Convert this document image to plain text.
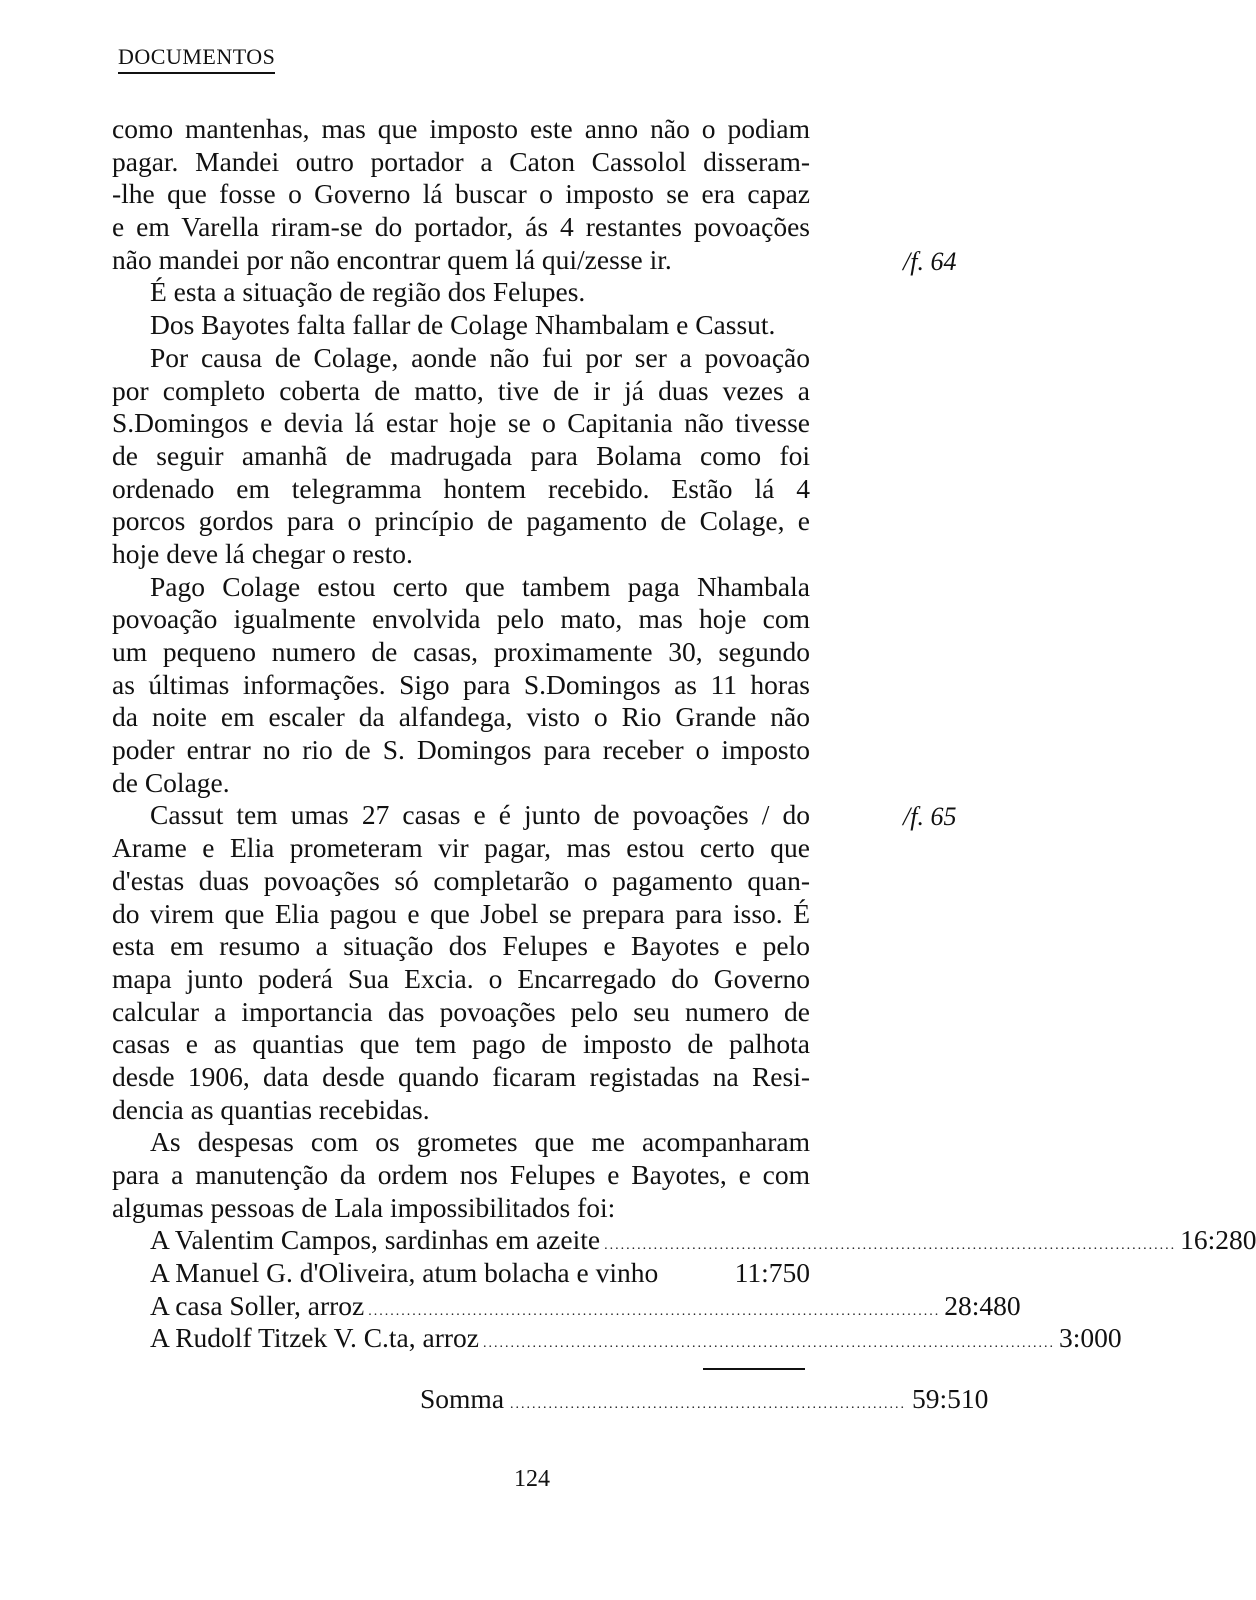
DOCUMENTOS
como mantenhas, mas que imposto este anno não o podiam
pagar. Mandei outro portador a Caton Cassolol disseram-
-lhe que fosse o Governo lá buscar o imposto se era capaz
e em Varella riram-se do portador, ás 4 restantes povoações
não mandei por não encontrar quem lá qui/zesse ir.
É esta a situação de região dos Felupes.
Dos Bayotes falta fallar de Colage Nhambalam e Cassut.
Por causa de Colage, aonde não fui por ser a povoação
por completo coberta de matto, tive de ir já duas vezes a
S.Domingos e devia lá estar hoje se o Capitania não tivesse
de seguir amanhã de madrugada para Bolama como foi
ordenado em telegramma hontem recebido. Estão lá 4
porcos gordos para o princípio de pagamento de Colage, e
hoje deve lá chegar o resto.
Pago Colage estou certo que tambem paga Nhambala
povoação igualmente envolvida pelo mato, mas hoje com
um pequeno numero de casas, proximamente 30, segundo
as últimas informações. Sigo para S.Domingos as 11 horas
da noite em escaler da alfandega, visto o Rio Grande não
poder entrar no rio de S. Domingos para receber o imposto
de Colage.
Cassut tem umas 27 casas e é junto de povoações / do
Arame e Elia prometeram vir pagar, mas estou certo que
d'estas duas povoações só completarão o pagamento quan-
do virem que Elia pagou e que Jobel se prepara para isso. É
esta em resumo a situação dos Felupes e Bayotes e pelo
mapa junto poderá Sua Excia. o Encarregado do Governo
calcular a importancia das povoações pelo seu numero de
casas e as quantias que tem pago de imposto de palhota
desde 1906, data desde quando ficaram registadas na Resi-
dencia as quantias recebidas.
As despesas com os grometes que me acompanharam
para a manutenção da ordem nos Felupes e Bayotes, e com
algumas pessoas de Lala impossibilitados foi:
A Valentim Campos, sardinhas em azeite ........................................................................................................ 16:280
A Manuel G. d'Oliveira, atum bolacha e vinho	11:750
A casa Soller, arroz ........................................................................................................ 28:480
A Rudolf Titzek V. C.ta, arroz ........................................................................................................ 3:000
/f. 64
/f. 65
Somma ........................................................................ 59:510
124
